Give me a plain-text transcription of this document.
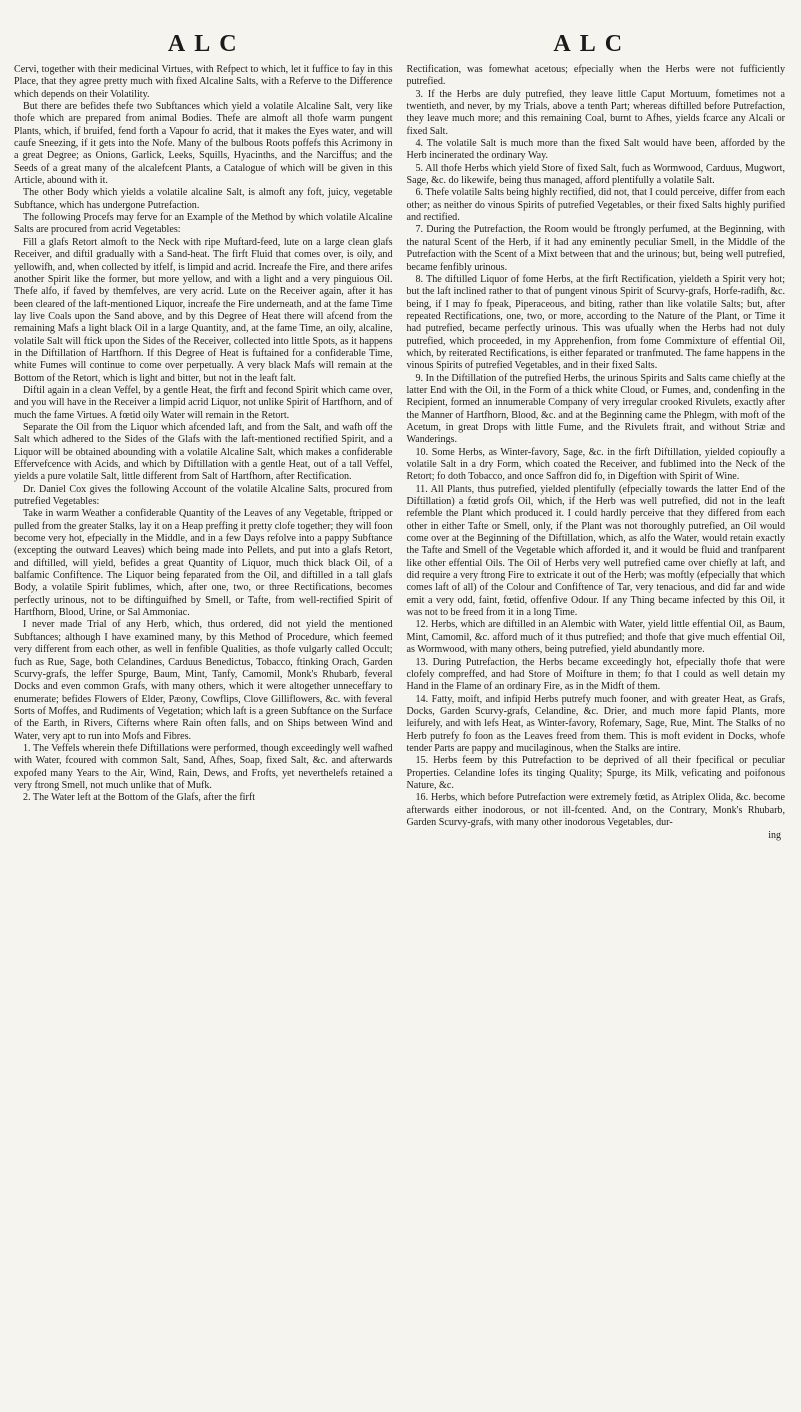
ALC	ALC

Cervi, together with their medicinal Virtues, with Refpect to which, let it fuffice to fay in this Place, that they agree pretty much with fixed Alcaline Salts, with a Referve to the Difference which depends on their Volatility.

But there are befides thefe two Subftances which yield a volatile Alcaline Salt, very like thofe which are prepared from animal Bodies. Thefe are almoft all thofe warm pungent Plants, which, if bruifed, fend forth a Vapour fo acrid, that it makes the Eyes water, and will caufe Sneezing, if it gets into the Nofe. Many of the bulbous Roots poffefs this Acrimony in a great Degree; as Onions, Garlick, Leeks, Squills, Hyacinths, and the Narciffus; and the Seeds of a great many of the alcalefcent Plants, a Catalogue of which will be given in this Article, abound with it.

The other Body which yields a volatile alcaline Salt, is almoft any foft, juicy, vegetable Subftance, which has undergone Putrefaction.

The following Procefs may ferve for an Example of the Method by which volatile Alcaline Salts are procured from acrid Vegetables:

Fill a glafs Retort almoft to the Neck with ripe Muftard-feed, lute on a large clean glafs Receiver, and diftil gradually with a Sand-heat. The firft Fluid that comes over, is oily, and yellowifh, and, when collected by itfelf, is limpid and acrid. Increafe the Fire, and there arifes another Spirit like the former, but more yellow, and with a light and a very pinguious Oil. Thefe alfo, if faved by themfelves, are very acrid. Lute on the Receiver again, after it has been cleared of the laft-mentioned Liquor, increafe the Fire underneath, and at the fame Time lay live Coals upon the Sand above, and by this Degree of Heat there will afcend from the remaining Mafs a light black Oil in a large Quantity, and, at the fame Time, an oily, alcaline, volatile Salt will ftick upon the Sides of the Receiver, collected into little Spots, as it happens in the Diftillation of Hartfhorn. If this Degree of Heat is fuftained for a confiderable Time, white Fumes will continue to come over perpetually. A very black Mafs will remain at the Bottom of the Retort, which is light and bitter, but not in the leaft falt.

Diftil again in a clean Veffel, by a gentle Heat, the firft and fecond Spirit which came over, and you will have in the Receiver a limpid acrid Liquor, not unlike Spirit of Hartfhorn, and of much the fame Virtues. A fœtid oily Water will remain in the Retort.

Separate the Oil from the Liquor which afcended laft, and from the Salt, and wafh off the Salt which adhered to the Sides of the Glafs with the laft-mentioned rectified Spirit, and a Liquor will be obtained abounding with a volatile Alcaline Salt, which makes a confiderable Effervefcence with Acids, and which by Diftillation with a gentle Heat, out of a tall Veffel, yields a pure volatile Salt, little different from Salt of Hartfhorn, after Rectification.

Dr. Daniel Cox gives the following Account of the volatile Alcaline Salts, procured from putrefied Vegetables:

Take in warm Weather a confiderable Quantity of the Leaves of any Vegetable, ftripped or pulled from the greater Stalks, lay it on a Heap preffing it pretty clofe together; they will foon become very hot, efpecially in the Middle, and in a few Days refolve into a pappy Subftance (excepting the outward Leaves) which being made into Pellets, and put into a glafs Retort, and diftilled, will yield, befides a great Quantity of Liquor, much thick black Oil, of a balfamic Confiftence. The Liquor being feparated from the Oil, and diftilled in a tall glafs Body, a volatile Spirit fublimes, which, after one, two, or three Rectifications, becomes perfectly urinous, not to be diftinguifhed by Smell, or Tafte, from well-rectified Spirit of Hartfhorn, Blood, Urine, or Sal Ammoniac.

I never made Trial of any Herb, which, thus ordered, did not yield the mentioned Subftances; although I have examined many, by this Method of Procedure, which feemed very different from each other, as well in fenfible Qualities, as thofe vulgarly called Occult; fuch as Rue, Sage, both Celandines, Carduus Benedictus, Tobacco, ftinking Orach, Garden Scurvy-grafs, the leffer Spurge, Baum, Mint, Tanfy, Camomil, Monk's Rhubarb, feveral Docks and even common Grafs, with many others, which it were altogether unneceffary to enumerate; befides Flowers of Elder, Pæony, Cowflips, Clove Gilliflowers, &c. with feveral Sorts of Moffes, and Rudiments of Vegetation; which laft is a green Subftance on the Surface of the Earth, in Rivers, Cifterns where Rain often falls, and on Ships between Wind and Water, very apt to run into Mofs and Fibres.

1. The Veffels wherein thefe Diftillations were performed, though exceedingly well wafhed with Water, fcoured with common Salt, Sand, Afhes, Soap, fixed Salt, &c. and afterwards expofed many Years to the Air, Wind, Rain, Dews, and Frofts, yet neverthelefs retained a very ftrong Smell, not much unlike that of Mufk.

2. The Water left at the Bottom of the Glafs, after the firft

Rectification, was fomewhat acetous; efpecially when the Herbs were not fufficiently putrefied.

3. If the Herbs are duly putrefied, they leave little Caput Mortuum, fometimes not a twentieth, and never, by my Trials, above a tenth Part; whereas diftilled before Putrefaction, they leave much more; and this remaining Coal, burnt to Afhes, yields fcarce any Alcali or fixed Salt.

4. The volatile Salt is much more than the fixed Salt would have been, afforded by the Herb incinerated the ordinary Way.

5. All thofe Herbs which yield Store of fixed Salt, fuch as Wormwood, Carduus, Mugwort, Sage, &c. do likewife, being thus managed, afford plentifully a volatile Salt.

6. Thefe volatile Salts being highly rectified, did not, that I could perceive, differ from each other; as neither do vinous Spirits of putrefied Vegetables, or their fixed Salts highly purified and rectified.

7. During the Putrefaction, the Room would be ftrongly perfumed, at the Beginning, with the natural Scent of the Herb, if it had any eminently peculiar Smell, in the Middle of the Putrefaction with the Scent of a Mixt between that and the urinous; but, being well putrefied, became fenfibly urinous.

8. The diftilled Liquor of fome Herbs, at the firft Rectification, yieldeth a Spirit very hot; but the laft inclined rather to that of pungent vinous Spirit of Scurvy-grafs, Horfe-radifh, &c. being, if I may fo fpeak, Piperaceous, and biting, rather than like volatile Salts; but, after repeated Rectifications, one, two, or more, according to the Nature of the Plant, or Time it had putrefied, became perfectly urinous. This was ufually when the Herbs had not duly putrefied, which proceeded, in my Apprehenfion, from fome Commixture of effential Oil, which, by reiterated Rectifications, is either feparated or tranfmuted. The fame happens in the vinous Spirits of putrefied Vegetables, and in their fixed Salts.

9. In the Diftillation of the putrefied Herbs, the urinous Spirits and Salts came chiefly at the latter End with the Oil, in the Form of a thick white Cloud, or Fumes, and, condenfing in the Recipient, formed an innumerable Company of very irregular crooked Rivulets, exactly after the Manner of Hartfhorn, Blood, &c. and at the Beginning came the Phlegm, with moft of the Acetum, in great Drops with little Fume, and the Rivulets ftrait, and without Striæ and Wanderings.

10. Some Herbs, as Winter-favory, Sage, &c. in the firft Diftillation, yielded copioufly a volatile Salt in a dry Form, which coated the Receiver, and fublimed into the Neck of the Retort; fo doth Tobacco, and once Saffron did fo, in Digeftion with Spirit of Wine.

11. All Plants, thus putrefied, yielded plentifully (efpecially towards the latter End of the Diftillation) a fœtid grofs Oil, which, if the Herb was well putrefied, did not in the leaft refemble the Plant which produced it. I could hardly perceive that they differed from each other in either Tafte or Smell, only, if the Plant was not thoroughly putrefied, an Oil would come over at the Beginning of the Diftillation, which, as alfo the Water, would retain exactly the Tafte and Smell of the Vegetable which afforded it, and it would be fluid and tranfparent like other effential Oils. The Oil of Herbs very well putrefied came over chiefly at laft, and did require a very ftrong Fire to extricate it out of the Herb; was moftly (efpecially that which comes laft of all) of the Colour and Confiftence of Tar, very tenacious, and did far and wide emit a very odd, faint, fœtid, offenfive Odour. If any Thing became infected by this Oil, it was not to be freed from it in a long Time.

12. Herbs, which are diftilled in an Alembic with Water, yield little effential Oil, as Baum, Mint, Camomil, &c. afford much of it thus putrefied; and thofe that give much effential Oil, as Wormwood, with many others, being putrefied, yield abundantly more.

13. During Putrefaction, the Herbs became exceedingly hot, efpecially thofe that were clofely compreffed, and had Store of Moifture in them; fo that I could as well detain my Hand in the Flame of an ordinary Fire, as in the Midft of them.

14. Fatty, moift, and infipid Herbs putrefy much fooner, and with greater Heat, as Grafs, Docks, Garden Scurvy-grafs, Celandine, &c. Drier, and much more fapid Plants, more leifurely, and with lefs Heat, as Winter-favory, Rofemary, Sage, Rue, Mint. The Stalks of no Herb putrefy fo foon as the Leaves freed from them. This is moft evident in Docks, whofe tender Parts are pappy and mucilaginous, when the Stalks are intire.

15. Herbs feem by this Putrefaction to be deprived of all their fpecifical or peculiar Properties. Celandine lofes its tinging Quality; Spurge, its Milk, veficating and poifonous Nature, &c.

16. Herbs, which before Putrefaction were extremely fœtid, as Atriplex Olida, &c. become afterwards either inodorous, or not ill-fcented. And, on the Contrary, Monk's Rhubarb, Garden Scurvy-grafs, with many other inodorous Vegetables, dur-

ing
